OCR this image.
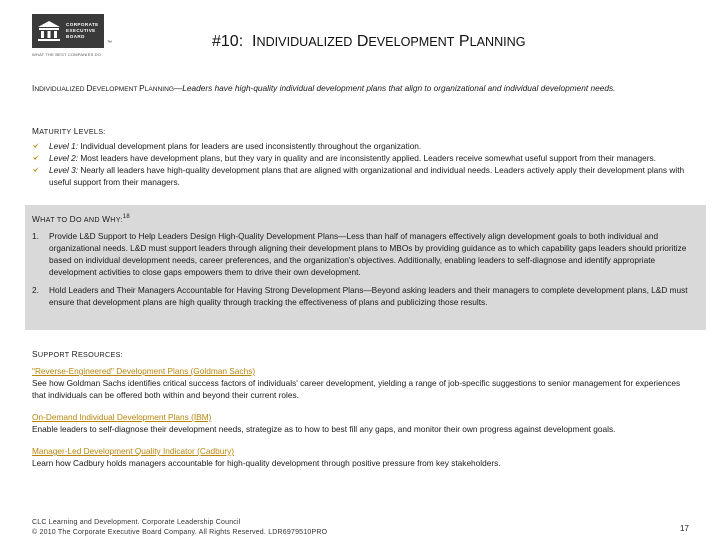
CORPORATE
EXECUTIVE
BOARD
™
WHAT THE BEST COMPANIES DO
#10: INDIVIDUALIZED DEVELOPMENT PLANNING
INDIVIDUALIZED DEVELOPMENT PLANNING—Leaders have high-quality individual development plans that align to organizational and individual development needs.
MATURITY LEVELS:
Level 1: Individual development plans for leaders are used inconsistently throughout the organization.
Level 2: Most leaders have development plans, but they vary in quality and are inconsistently applied. Leaders receive somewhat useful support from their managers.
Level 3: Nearly all leaders have high-quality development plans that are aligned with organizational and individual needs. Leaders actively apply their development plans with useful support from their managers.
WHAT TO DO AND WHY:$^{18}$
1. Provide L&D Support to Help Leaders Design High-Quality Development Plans—Less than half of managers effectively align development goals to both individual and organizational needs. L&D must support leaders through aligning their development plans to MBOs by providing guidance as to which capability gaps leaders should prioritize based on individual development needs, career preferences, and the organization's objectives. Additionally, enabling leaders to self-diagnose and identify appropriate development activities to close gaps empowers them to drive their own development.
2. Hold Leaders and Their Managers Accountable for Having Strong Development Plans—Beyond asking leaders and their managers to complete development plans, L&D must ensure that development plans are high quality through tracking the effectiveness of plans and publicizing those results.
SUPPORT RESOURCES:
"Reverse-Engineered" Development Plans (Goldman Sachs)
See how Goldman Sachs identifies critical success factors of individuals' career development, yielding a range of job-specific suggestions to senior management for experiences that individuals can be offered both within and beyond their current roles.
On-Demand Individual Development Plans (IBM)
Enable leaders to self-diagnose their development needs, strategize as to how to best fill any gaps, and monitor their own progress against development goals.
Manager-Led Development Quality Indicator (Cadbury)
Learn how Cadbury holds managers accountable for high-quality development through positive pressure from key stakeholders.
CLC Learning and Development. Corporate Leadership Council
© 2010 The Corporate Executive Board Company. All Rights Reserved. LDR6979510PRO	17
